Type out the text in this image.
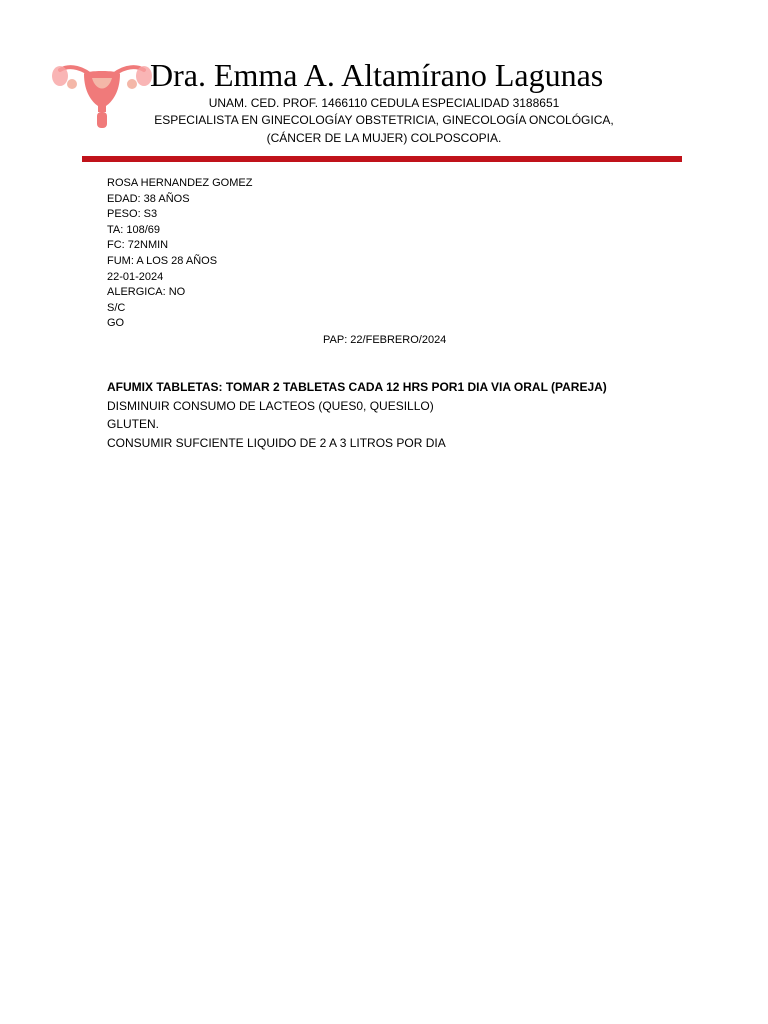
Dra. Emma A. Altamírano Lagunas
UNAM. CED. PROF. 1466110 CEDULA ESPECIALIDAD 3188651
ESPECIALISTA EN GINECOLOGÍAY OBSTETRICIA, GINECOLOGÍA ONCOLÓGICA,
(CÁNCER DE LA MUJER) COLPOSCOPIA.
ROSA HERNANDEZ GOMEZ
EDAD: 38 AÑOS
PESO: S3
TA: 108/69
FC: 72NMIN
FUM: A LOS 28 AÑOS
22-01-2024
ALERGICA: NO
S/C
GO
PAP: 22/FEBRERO/2024
AFUMIX TABLETAS: TOMAR 2 TABLETAS CADA 12 HRS POR1 DIA VIA ORAL (PAREJA)
DISMINUIR CONSUMO DE LACTEOS (QUES0, QUESILLO)
GLUTEN.
CONSUMIR SUFCIENTE LIQUIDO DE 2 A 3 LITROS POR DIA
